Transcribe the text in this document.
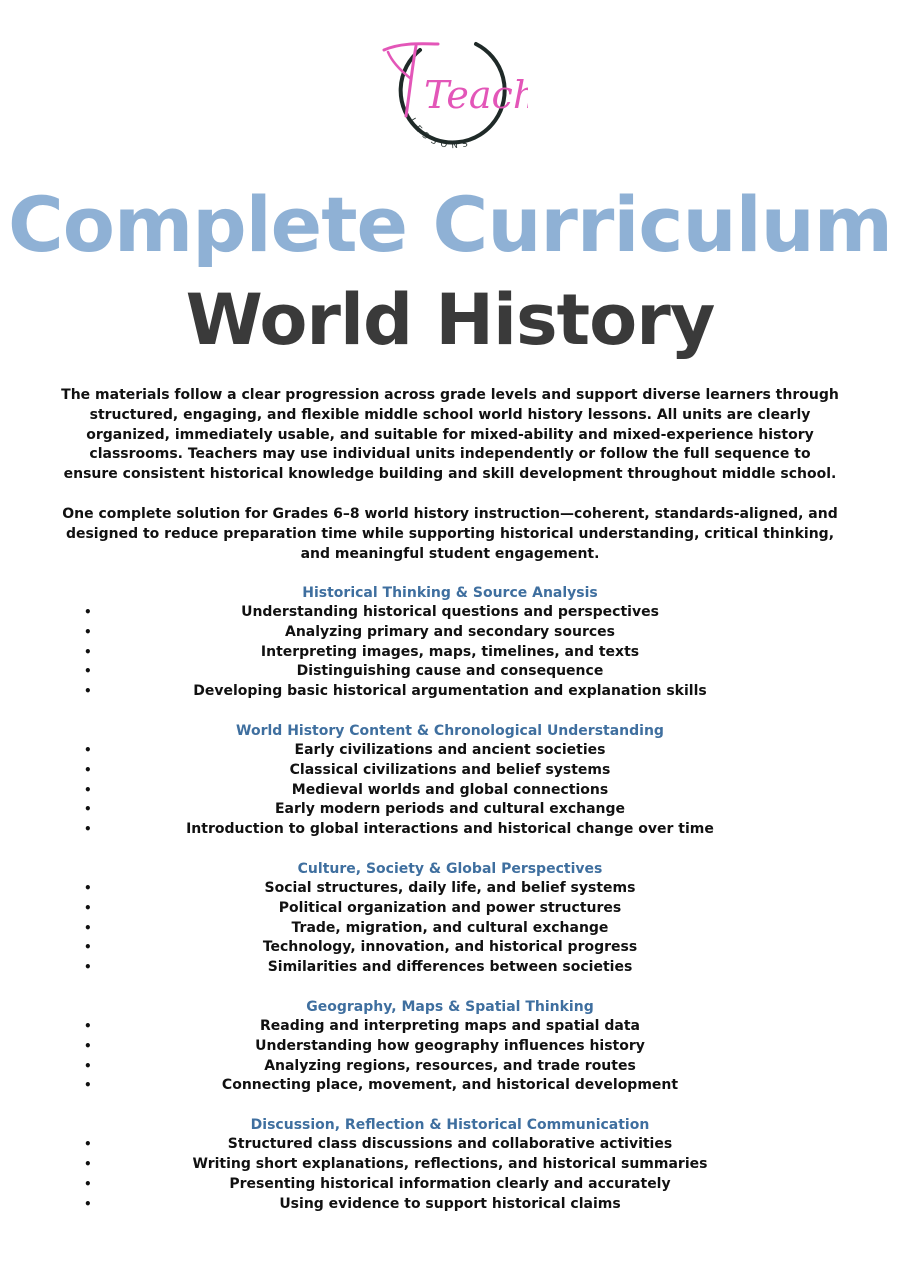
Teach
LESSONS
Complete Curriculum
World History

The materials follow a clear progression across grade levels and support diverse learners through structured, engaging, and flexible middle school world history lessons. All units are clearly organized, immediately usable, and suitable for mixed-ability and mixed-experience history classrooms. Teachers may use individual units independently or follow the full sequence to ensure consistent historical knowledge building and skill development throughout middle school.

One complete solution for Grades 6–8 world history instruction—coherent, standards-aligned, and designed to reduce preparation time while supporting historical understanding, critical thinking, and meaningful student engagement.

Historical Thinking & Source Analysis
•	Understanding historical questions and perspectives
•	Analyzing primary and secondary sources
•	Interpreting images, maps, timelines, and texts
•	Distinguishing cause and consequence
•	Developing basic historical argumentation and explanation skills
World History Content & Chronological Understanding
•	Early civilizations and ancient societies
•	Classical civilizations and belief systems
•	Medieval worlds and global connections
•	Early modern periods and cultural exchange
•	Introduction to global interactions and historical change over time
Culture, Society & Global Perspectives
•	Social structures, daily life, and belief systems
•	Political organization and power structures
•	Trade, migration, and cultural exchange
•	Technology, innovation, and historical progress
•	Similarities and differences between societies
Geography, Maps & Spatial Thinking
•	Reading and interpreting maps and spatial data
•	Understanding how geography influences history
•	Analyzing regions, resources, and trade routes
•	Connecting place, movement, and historical development
Discussion, Reflection & Historical Communication
•	Structured class discussions and collaborative activities
•	Writing short explanations, reflections, and historical summaries
•	Presenting historical information clearly and accurately
•	Using evidence to support historical claims
